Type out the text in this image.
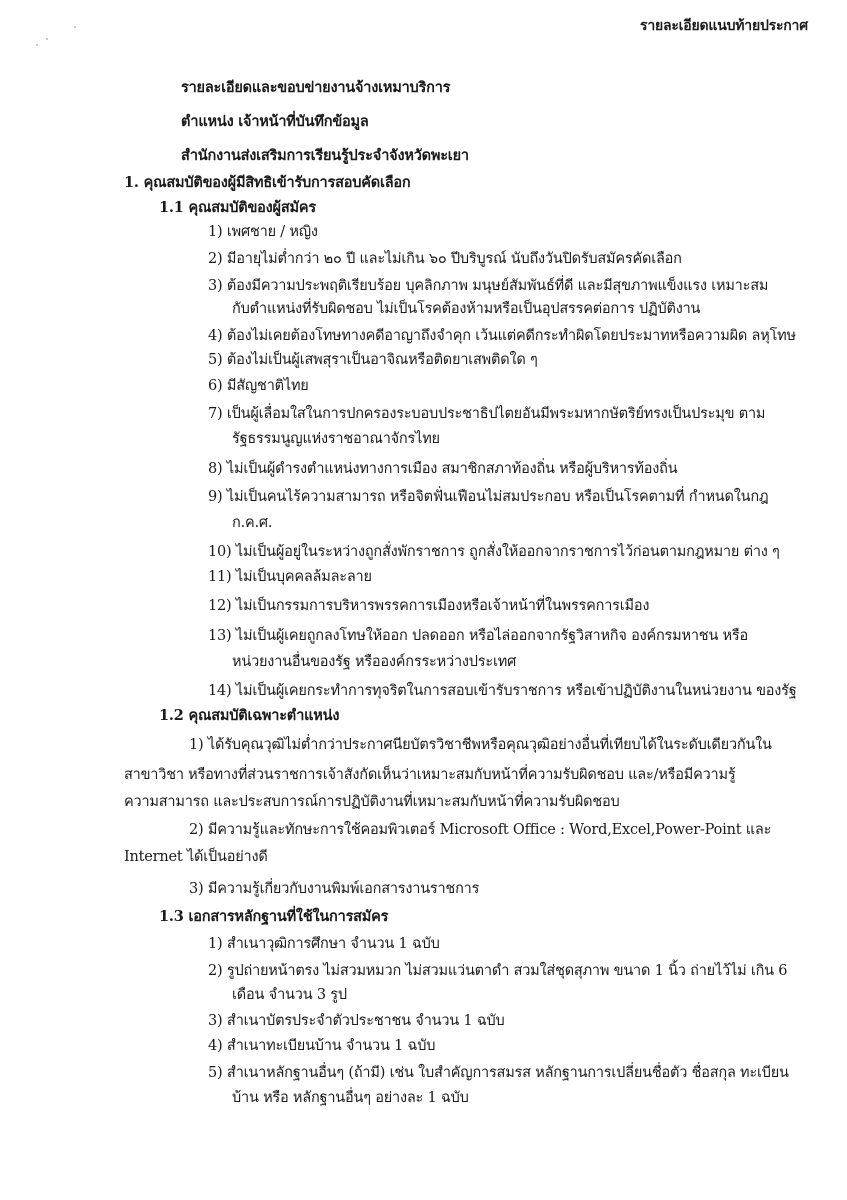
รายละเอียดแนบท้ายประกาศ
รายละเอียดและขอบข่ายงานจ้างเหมาบริการ
ตำแหน่ง เจ้าหน้าที่บันทึกข้อมูล
สำนักงานส่งเสริมการเรียนรู้ประจำจังหวัดพะเยา
1. คุณสมบัติของผู้มีสิทธิเข้ารับการสอบคัดเลือก
1.1 คุณสมบัติของผู้สมัคร
1) เพศชาย / หญิง
2) มีอายุไม่ต่ำกว่า ๒๐ ปี และไม่เกิน ๖๐ ปีบริบูรณ์ นับถึงวันปิดรับสมัครคัดเลือก
3) ต้องมีความประพฤติเรียบร้อย บุคลิกภาพ มนุษย์สัมพันธ์ที่ดี และมีสุขภาพแข็งแรง เหมาะสม
กับตำแหน่งที่รับผิดชอบ ไม่เป็นโรคต้องห้ามหรือเป็นอุปสรรคต่อการ ปฏิบัติงาน
4) ต้องไม่เคยต้องโทษทางคดีอาญาถึงจำคุก เว้นแต่คดีกระทำผิดโดยประมาทหรือความผิด ลหุโทษ
5) ต้องไม่เป็นผู้เสพสุราเป็นอาจิณหรือติดยาเสพติดใด ๆ
6) มีสัญชาติไทย
7) เป็นผู้เลื่อมใสในการปกครองระบอบประชาธิปไตยอันมีพระมหากษัตริย์ทรงเป็นประมุข ตาม
รัฐธรรมนูญแห่งราชอาณาจักรไทย
8) ไม่เป็นผู้ดำรงตำแหน่งทางการเมือง สมาชิกสภาท้องถิ่น หรือผู้บริหารท้องถิ่น
9) ไม่เป็นคนไร้ความสามารถ หรือจิตฟั่นเฟือนไม่สมประกอบ หรือเป็นโรคตามที่ กำหนดในกฎ
ก.ค.ศ.
10) ไม่เป็นผู้อยู่ในระหว่างถูกสั่งพักราชการ ถูกสั่งให้ออกจากราชการไว้ก่อนตามกฎหมาย ต่าง ๆ
11) ไม่เป็นบุคคลล้มละลาย
12) ไม่เป็นกรรมการบริหารพรรคการเมืองหรือเจ้าหน้าที่ในพรรคการเมือง
13) ไม่เป็นผู้เคยถูกลงโทษให้ออก ปลดออก หรือไล่ออกจากรัฐวิสาหกิจ องค์กรมหาชน หรือ
หน่วยงานอื่นของรัฐ หรือองค์กรระหว่างประเทศ
14) ไม่เป็นผู้เคยกระทำการทุจริตในการสอบเข้ารับราชการ หรือเข้าปฏิบัติงานในหน่วยงาน ของรัฐ
1.2 คุณสมบัติเฉพาะตำแหน่ง
1) ได้รับคุณวุฒิไม่ต่ำกว่าประกาศนียบัตรวิชาชีพหรือคุณวุฒิอย่างอื่นที่เทียบได้ในระดับเดียวกันใน
สาขาวิชา หรือทางที่ส่วนราชการเจ้าสังกัดเห็นว่าเหมาะสมกับหน้าที่ความรับผิดชอบ และ/หรือมีความรู้
ความสามารถ และประสบการณ์การปฏิบัติงานที่เหมาะสมกับหน้าที่ความรับผิดชอบ
2) มีความรู้และทักษะการใช้คอมพิวเตอร์ Microsoft Office : Word,Excel,Power-Point และ
Internet ได้เป็นอย่างดี
3) มีความรู้เกี่ยวกับงานพิมพ์เอกสารงานราชการ
1.3 เอกสารหลักฐานที่ใช้ในการสมัคร
1) สำเนาวุฒิการศึกษา จำนวน 1 ฉบับ
2) รูปถ่ายหน้าตรง ไม่สวมหมวก ไม่สวมแว่นตาดำ สวมใส่ชุดสุภาพ ขนาด 1 นิ้ว ถ่ายไว้ไม่ เกิน 6
เดือน จำนวน 3 รูป
3) สำเนาบัตรประจำตัวประชาชน จำนวน 1 ฉบับ
4) สำเนาทะเบียนบ้าน จำนวน 1 ฉบับ
5) สำเนาหลักฐานอื่นๆ (ถ้ามี) เช่น ใบสำคัญการสมรส หลักฐานการเปลี่ยนชื่อตัว ชื่อสกุล ทะเบียน
บ้าน หรือ หลักฐานอื่นๆ อย่างละ 1 ฉบับ
